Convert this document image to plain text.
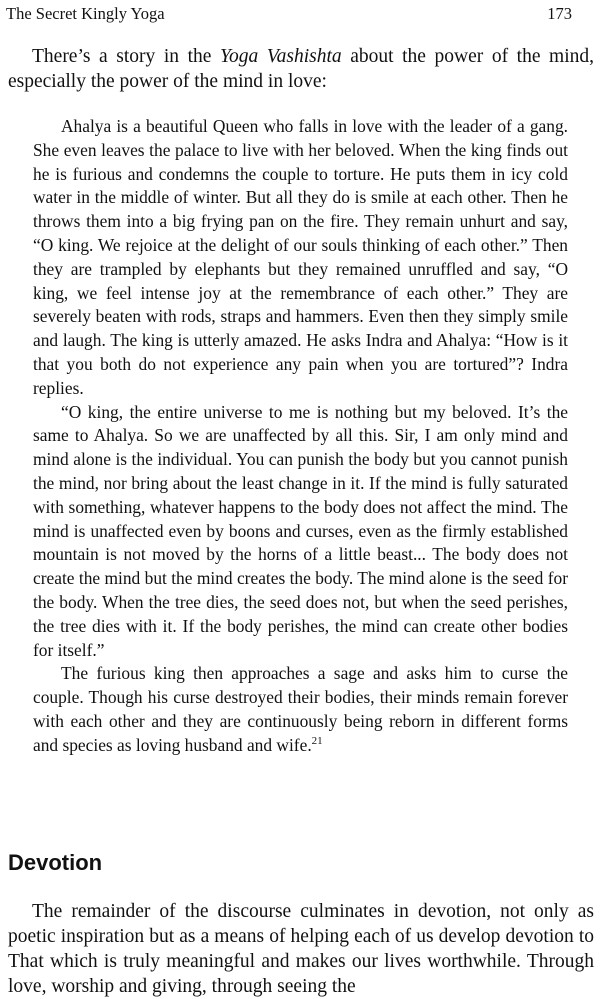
The Secret Kingly Yoga	173

There’s a story in the Yoga Vashishta about the power of the mind, especially the power of the mind in love:

Ahalya is a beautiful Queen who falls in love with the leader of a gang. She even leaves the palace to live with her beloved. When the king finds out he is furious and condemns the couple to torture. He puts them in icy cold water in the middle of winter. But all they do is smile at each other. Then he throws them into a big frying pan on the fire. They remain unhurt and say, “O king. We rejoice at the delight of our souls thinking of each other.” Then they are trampled by elephants but they remained unruffled and say, “O king, we feel intense joy at the remembrance of each other.” They are severely beaten with rods, straps and hammers. Even then they simply smile and laugh. The king is utterly amazed. He asks Indra and Ahalya: “How is it that you both do not experience any pain when you are tortured”? Indra replies.

“O king, the entire universe to me is nothing but my beloved. It’s the same to Ahalya. So we are unaffected by all this. Sir, I am only mind and mind alone is the individual. You can punish the body but you cannot punish the mind, nor bring about the least change in it. If the mind is fully saturated with something, whatever happens to the body does not affect the mind. The mind is unaffected even by boons and curses, even as the firmly established mountain is not moved by the horns of a little beast... The body does not create the mind but the mind creates the body. The mind alone is the seed for the body. When the tree dies, the seed does not, but when the seed perishes, the tree dies with it. If the body perishes, the mind can create other bodies for itself.”

The furious king then approaches a sage and asks him to curse the couple. Though his curse destroyed their bodies, their minds remain forever with each other and they are continuously being reborn in different forms and species as loving husband and wife.$^{21}$

Devotion

The remainder of the discourse culminates in devotion, not only as poetic inspiration but as a means of helping each of us develop devotion to That which is truly meaningful and makes our lives worthwhile. Through love, worship and giving, through seeing the
